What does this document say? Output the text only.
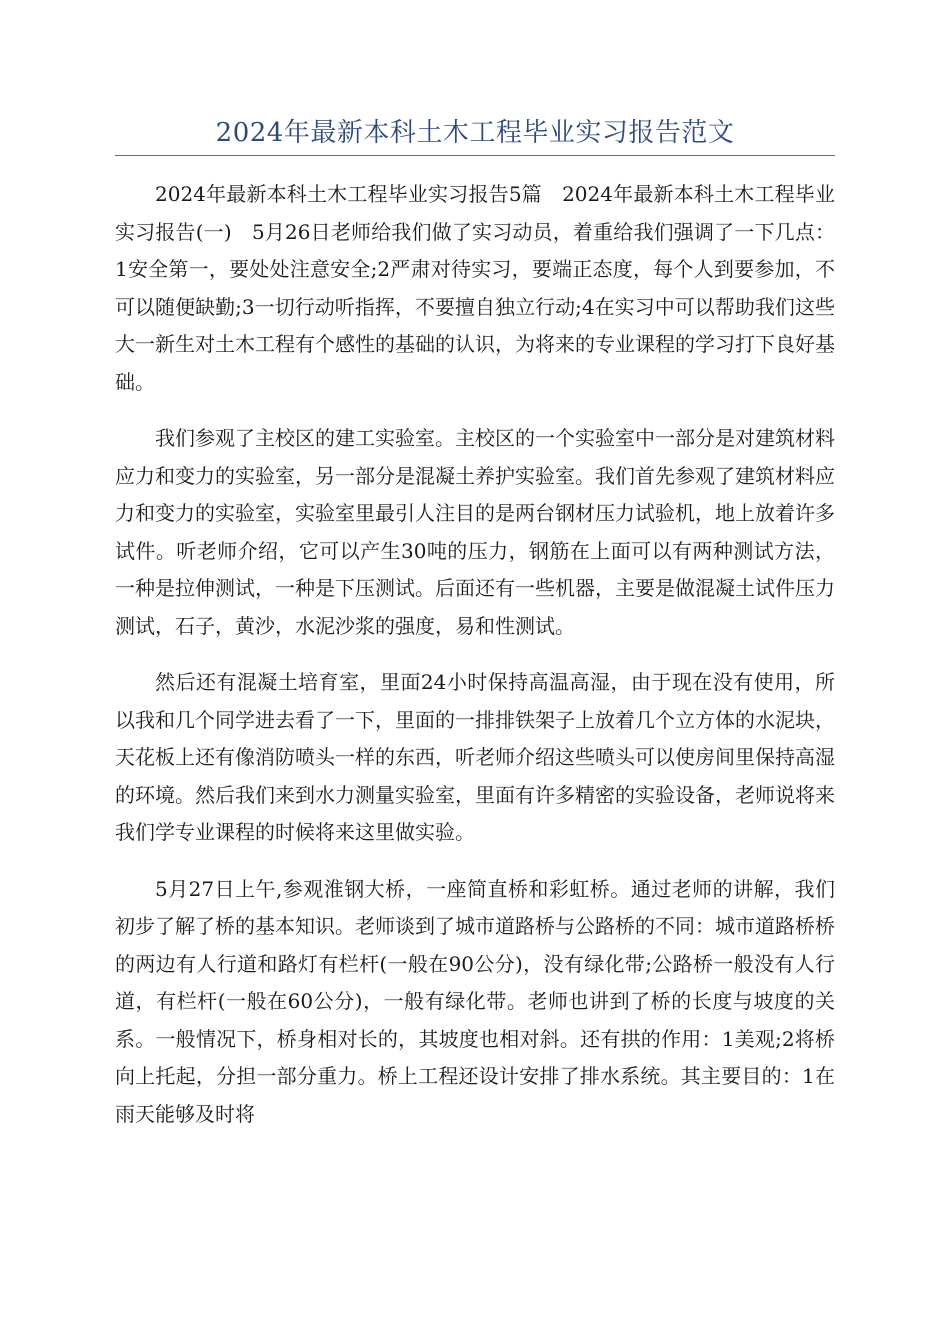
2024年最新本科土木工程毕业实习报告范文

2024年最新本科土木工程毕业实习报告5篇　2024年最新本科土木工程毕业实习报告(一)　5月26日老师给我们做了实习动员，着重给我们强调了一下几点：1安全第一，要处处注意安全;2严肃对待实习，要端正态度，每个人到要参加，不可以随便缺勤;3一切行动听指挥，不要擅自独立行动;4在实习中可以帮助我们这些大一新生对土木工程有个感性的基础的认识，为将来的专业课程的学习打下良好基础。

我们参观了主校区的建工实验室。主校区的一个实验室中一部分是对建筑材料应力和变力的实验室，另一部分是混凝土养护实验室。我们首先参观了建筑材料应力和变力的实验室，实验室里最引人注目的是两台钢材压力试验机，地上放着许多试件。听老师介绍，它可以产生30吨的压力，钢筋在上面可以有两种测试方法，一种是拉伸测试，一种是下压测试。后面还有一些机器，主要是做混凝土试件压力测试，石子，黄沙，水泥沙浆的强度，易和性测试。

然后还有混凝土培育室，里面24小时保持高温高湿，由于现在没有使用，所以我和几个同学进去看了一下，里面的一排排铁架子上放着几个立方体的水泥块，天花板上还有像消防喷头一样的东西，听老师介绍这些喷头可以使房间里保持高湿的环境。然后我们来到水力测量实验室，里面有许多精密的实验设备，老师说将来我们学专业课程的时候将来这里做实验。

5月27日上午,参观淮钢大桥，一座简直桥和彩虹桥。通过老师的讲解，我们初步了解了桥的基本知识。老师谈到了城市道路桥与公路桥的不同：城市道路桥桥的两边有人行道和路灯有栏杆(一般在90公分)，没有绿化带;公路桥一般没有人行道，有栏杆(一般在60公分)，一般有绿化带。老师也讲到了桥的长度与坡度的关系。一般情况下，桥身相对长的，其坡度也相对斜。还有拱的作用：1美观;2将桥向上托起，分担一部分重力。桥上工程还设计安排了排水系统。其主要目的：1在雨天能够及时将
